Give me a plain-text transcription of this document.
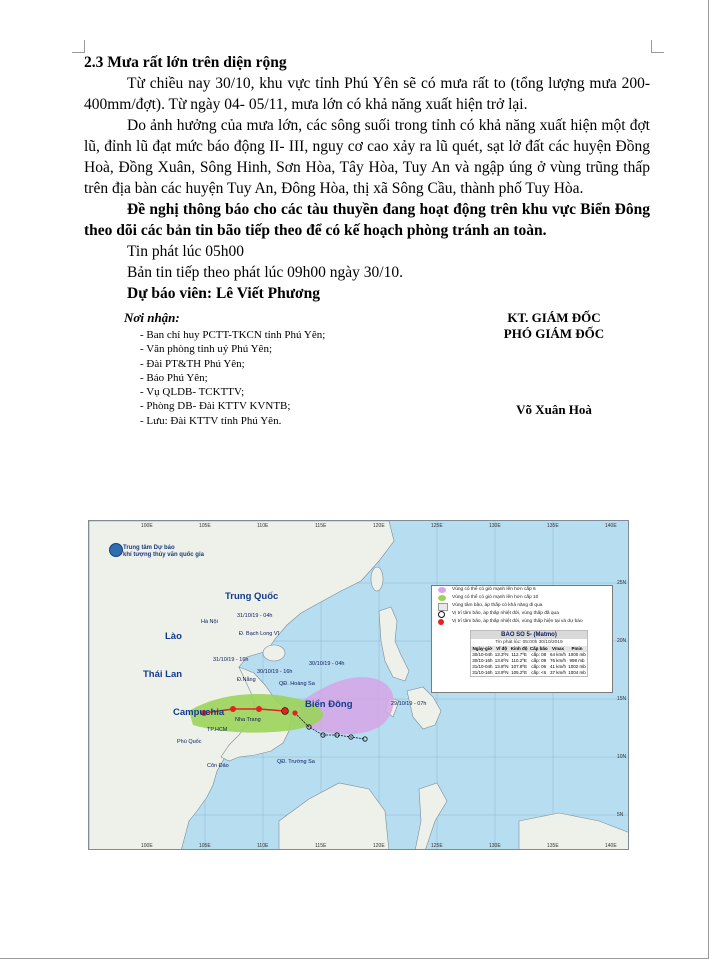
2.3 Mưa rất lớn trên diện rộng

Từ chiều nay 30/10, khu vực tỉnh Phú Yên sẽ có mưa rất to (tổng lượng mưa 200- 400mm/đợt). Từ ngày 04- 05/11, mưa lớn có khả năng xuất hiện trở lại.

Do ảnh hưởng của mưa lớn, các sông suối trong tỉnh có khả năng xuất hiện một đợt lũ, đỉnh lũ đạt mức báo động II- III, nguy cơ cao xảy ra lũ quét, sạt lở đất các huyện Đồng Hoà, Đồng Xuân, Sông Hinh, Sơn Hòa, Tây Hòa, Tuy An và ngập úng ở vùng trũng thấp trên địa bàn các huyện Tuy An, Đông Hòa, thị xã Sông Cầu, thành phố Tuy Hòa.

Đề nghị thông báo cho các tàu thuyền đang hoạt động trên khu vực Biển Đông theo dõi các bản tin bão tiếp theo để có kế hoạch phòng tránh an toàn.

Tin phát lúc 05h00
Bản tin tiếp theo phát lúc 09h00 ngày 30/10.
Dự báo viên: Lê Viết Phương
Nơi nhận:
- Ban chỉ huy PCTT-TKCN tỉnh Phú Yên;
- Văn phòng tỉnh uỷ Phú Yên;
- Đài PT&TH Phú Yên;
- Báo Phú Yên;
- Vụ QLDB- TCKTTV;
- Phòng DB- Đài KTTV KVNTB;
- Lưu: Đài KTTV tỉnh Phú Yên.
KT. GIÁM ĐỐC
PHÓ GIÁM ĐỐC
Võ Xuân Hoà
Trung tâm Dự báo
khí tượng thủy văn quốc gia
100E	105E	110E	115E	120E	125E	130E	135E	140E
100E	105E	110E	115E	120E	125E	130E	135E	140E
25N
20N
15N
10N
5N
Trung Quốc
Lào
Thái Lan
Campuchia
Biển Đông
Hà Nội
Đ. Bạch Long Vĩ
Đ.Nẵng
QĐ. Hoàng Sa
QĐ. Trường Sa
Phú Quốc
Côn Đảo
TP.HCM
Nha Trang
31/10/19 - 04h
31/10/19 - 16h
30/10/19 - 16h
30/10/19 - 04h
29/10/19 - 07h
Vùng có thể có gió mạnh lên hơn cấp 6
Vùng có thể có gió mạnh lên hơn cấp 10
Vùng tâm bão, áp thấp có khả năng đi qua
Vị trí tâm bão, áp thấp nhiệt đới, vùng thấp đã qua
Vị trí tâm bão, áp thấp nhiệt đới, vùng thấp hiện tại và dự báo
BAO SO 5- (Matmo)
Tin phát lúc: 05:00h 30/10/2019
Ngày-giờ	Vĩ độ	Kinh độ	Cấp bão	Vmax	Pmin
30/10-04h	13.3ºN	112.7ºE	cấp: 08	64 km/h	1000 mb
30/10-16h	13.6ºN	110.2ºE	cấp: 09	76 km/h	998 mb
31/10-04h	13.8ºN	107.8ºE	cấp: 06	41 km/h	1002 mb
31/10-16h	13.9ºN	105.2ºE	cấp: <6	37 km/h	1004 mb
